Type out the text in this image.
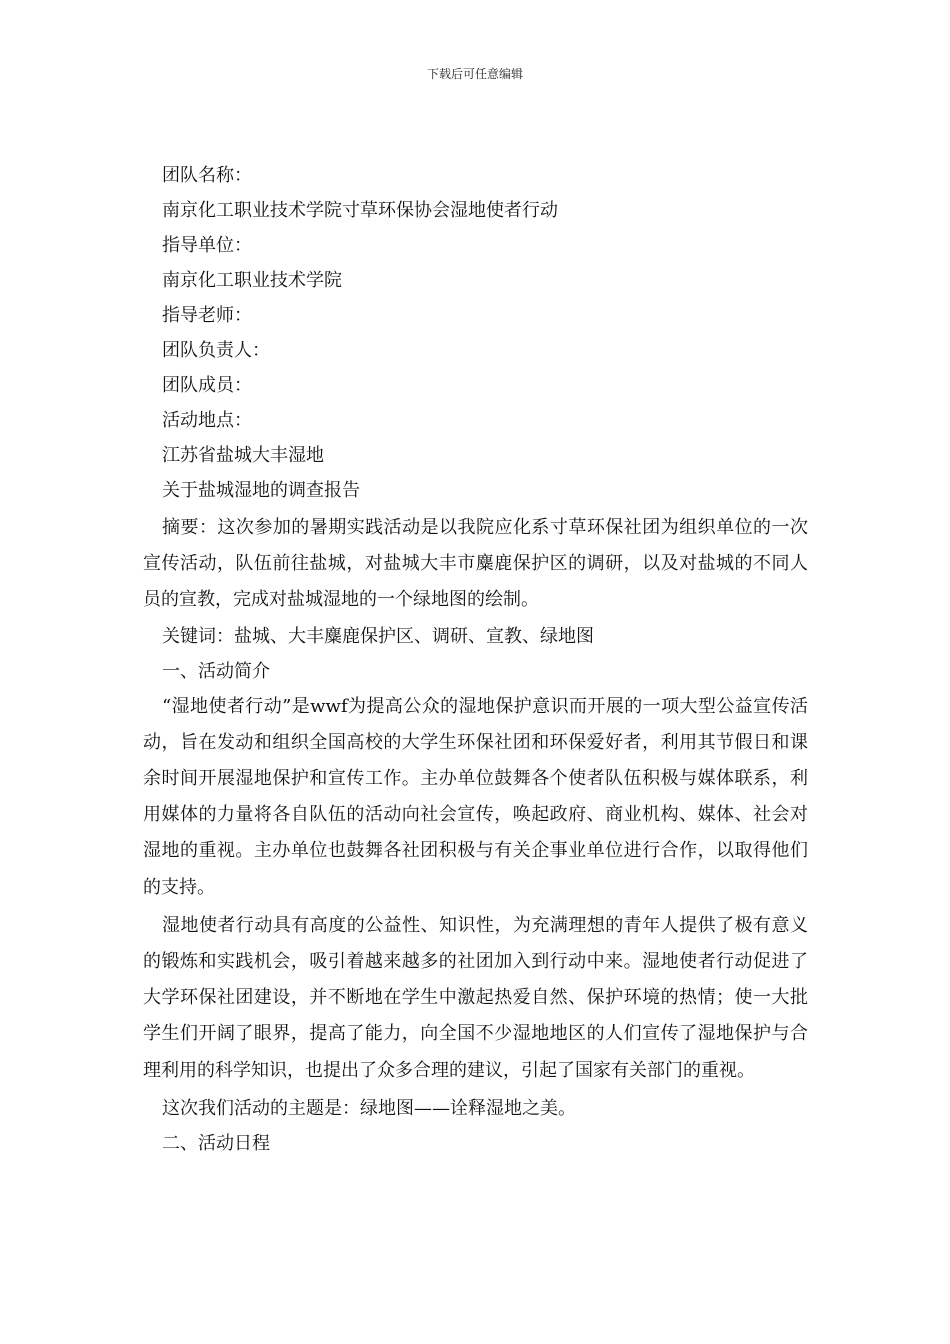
下载后可任意编辑

团队名称：

南京化工职业技术学院寸草环保协会湿地使者行动

指导单位：

南京化工职业技术学院

指导老师：

团队负责人：

团队成员：

活动地点：

江苏省盐城大丰湿地

关于盐城湿地的调查报告

摘要：这次参加的暑期实践活动是以我院应化系寸草环保社团为组织单位的一次宣传活动，队伍前往盐城，对盐城大丰市麋鹿保护区的调研，以及对盐城的不同人员的宣教，完成对盐城湿地的一个绿地图的绘制。

关键词：盐城、大丰麋鹿保护区、调研、宣教、绿地图

一、活动简介

“湿地使者行动”是wwf为提高公众的湿地保护意识而开展的一项大型公益宣传活动，旨在发动和组织全国高校的大学生环保社团和环保爱好者，利用其节假日和课余时间开展湿地保护和宣传工作。主办单位鼓舞各个使者队伍积极与媒体联系，利用媒体的力量将各自队伍的活动向社会宣传，唤起政府、商业机构、媒体、社会对湿地的重视。主办单位也鼓舞各社团积极与有关企事业单位进行合作，以取得他们的支持。

湿地使者行动具有高度的公益性、知识性，为充满理想的青年人提供了极有意义的锻炼和实践机会，吸引着越来越多的社团加入到行动中来。湿地使者行动促进了大学环保社团建设，并不断地在学生中激起热爱自然、保护环境的热情；使一大批学生们开阔了眼界，提高了能力，向全国不少湿地地区的人们宣传了湿地保护与合理利用的科学知识，也提出了众多合理的建议，引起了国家有关部门的重视。

这次我们活动的主题是：绿地图——诠释湿地之美。

二、活动日程
